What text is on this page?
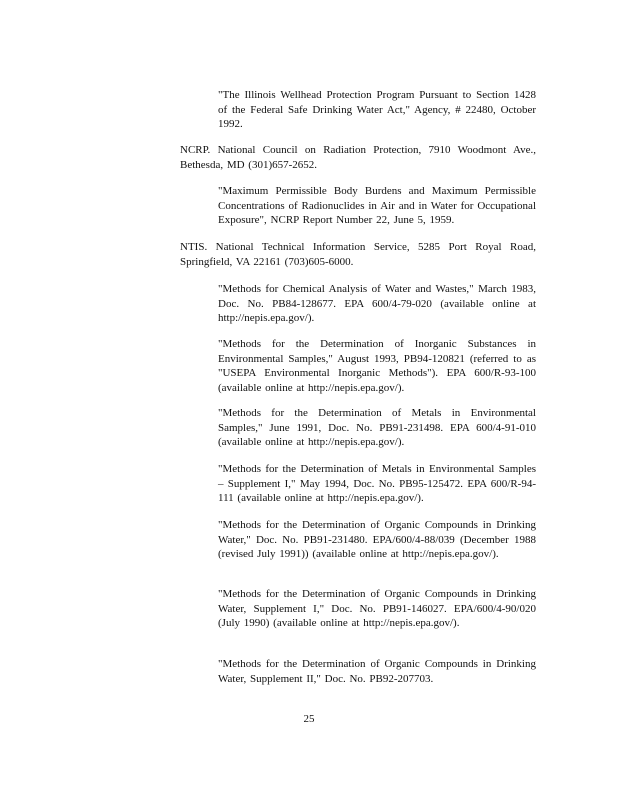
"The Illinois Wellhead Protection Program Pursuant to Section 1428 of the Federal Safe Drinking Water Act," Agency, # 22480, October 1992.

NCRP. National Council on Radiation Protection, 7910 Woodmont Ave., Bethesda, MD (301)657-2652.

"Maximum Permissible Body Burdens and Maximum Permissible Concentrations of Radionuclides in Air and in Water for Occupational Exposure", NCRP Report Number 22, June 5, 1959.

NTIS. National Technical Information Service, 5285 Port Royal Road, Springfield, VA 22161 (703)605-6000.

"Methods for Chemical Analysis of Water and Wastes," March 1983, Doc. No. PB84-128677. EPA 600/4-79-020 (available online at http://nepis.epa.gov/).

"Methods for the Determination of Inorganic Substances in Environmental Samples," August 1993, PB94-120821 (referred to as "USEPA Environmental Inorganic Methods"). EPA 600/R-93-100 (available online at http://nepis.epa.gov/).

"Methods for the Determination of Metals in Environmental Samples," June 1991, Doc. No. PB91-231498. EPA 600/4-91-010 (available online at http://nepis.epa.gov/).

"Methods for the Determination of Metals in Environmental Samples – Supplement I," May 1994, Doc. No. PB95-125472. EPA 600/R-94-111 (available online at http://nepis.epa.gov/).

"Methods for the Determination of Organic Compounds in Drinking Water," Doc. No. PB91-231480. EPA/600/4-88/039 (December 1988 (revised July 1991)) (available online at http://nepis.epa.gov/).

"Methods for the Determination of Organic Compounds in Drinking Water, Supplement I," Doc. No. PB91-146027. EPA/600/4-90/020 (July 1990) (available online at http://nepis.epa.gov/).

"Methods for the Determination of Organic Compounds in Drinking Water, Supplement II," Doc. No. PB92-207703.

25
